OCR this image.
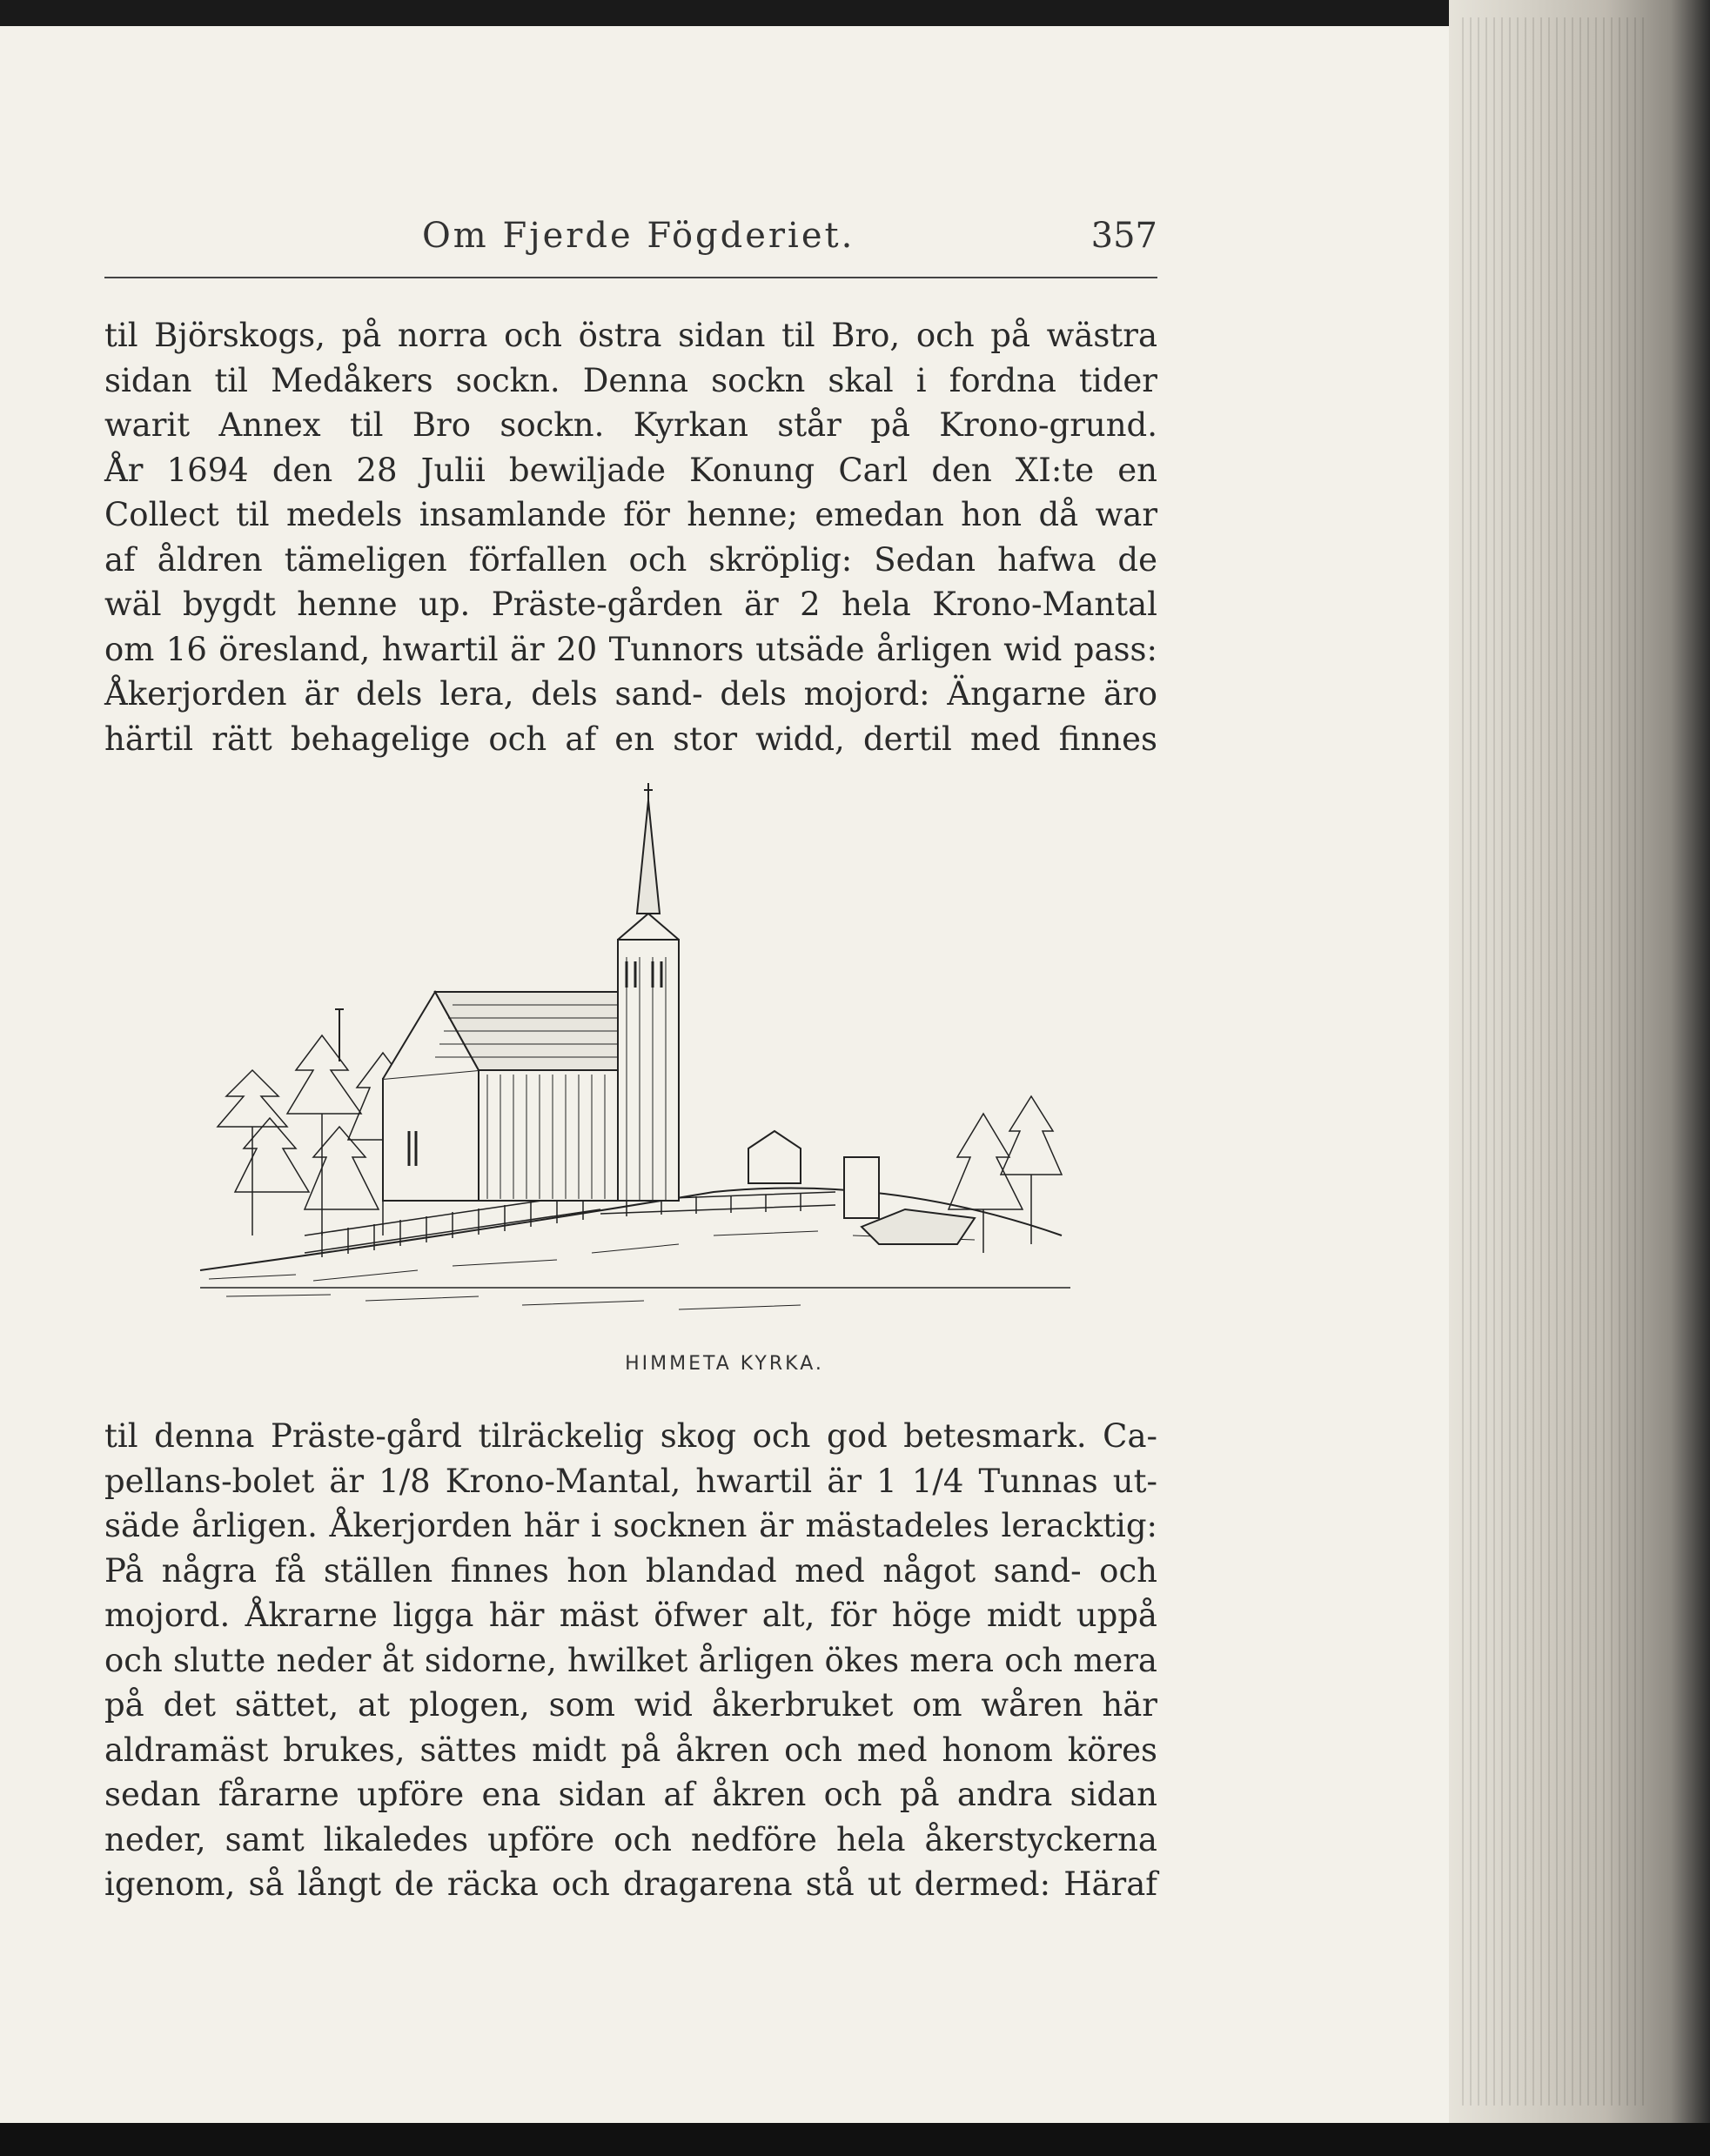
Om Fjerde Fögderiet.	357
til Björskogs, på norra och östra sidan til Bro, och på wästra
sidan til Medåkers sockn. Denna sockn skal i fordna tider
warit Annex til Bro sockn. Kyrkan står på Krono-grund.
År 1694 den 28 Julii bewiljade Konung Carl den XI:te en
Collect til medels insamlande för henne; emedan hon då war
af åldren tämeligen förfallen och skröplig: Sedan hafwa de
wäl bygdt henne up. Präste-gården är 2 hela Krono-Mantal
om 16 öresland, hwartil är 20 Tunnors utsäde årligen wid pass:
Åkerjorden är dels lera, dels sand- dels mojord: Ängarne äro
härtil rätt behagelige och af en stor widd, dertil med finnes
HIMMETA KYRKA.
til denna Präste-gård tilräckelig skog och god betesmark. Ca-
pellans-bolet är 1/8 Krono-Mantal, hwartil är 1 1/4 Tunnas ut-
säde årligen. Åkerjorden här i socknen är mästadeles leracktig:
På några få ställen finnes hon blandad med något sand- och
mojord. Åkrarne ligga här mäst öfwer alt, för höge midt uppå
och slutte neder åt sidorne, hwilket årligen ökes mera och mera
på det sättet, at plogen, som wid åkerbruket om wåren här
aldramäst brukes, sättes midt på åkren och med honom köres
sedan fårarne upföre ena sidan af åkren och på andra sidan
neder, samt likaledes upföre och nedföre hela åkerstyckerna
igenom, så långt de räcka och dragarena stå ut dermed: Häraf
